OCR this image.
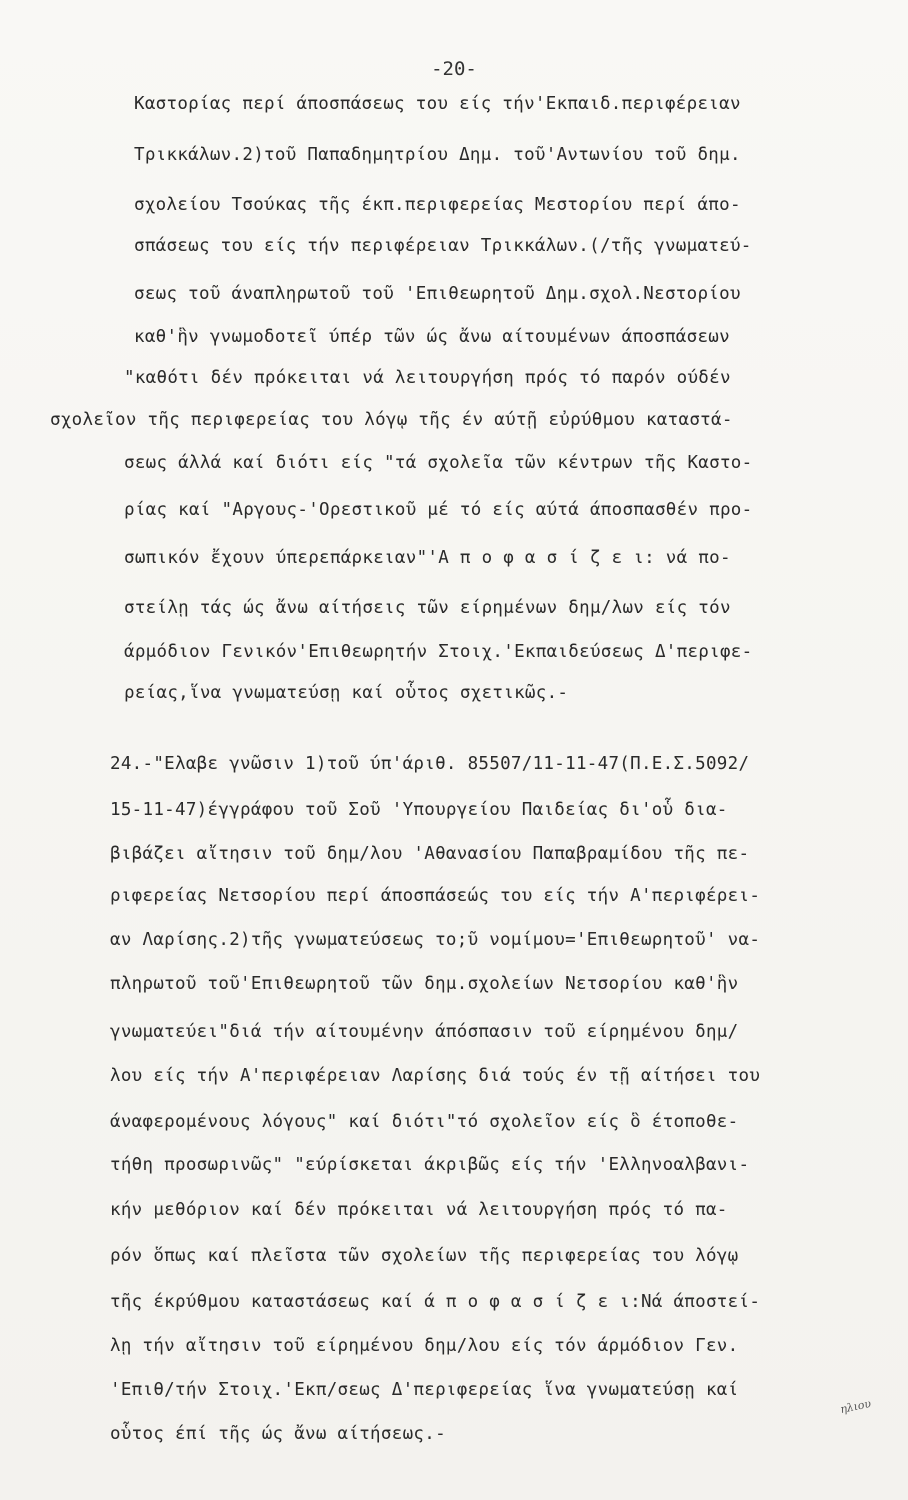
-20-
Καστορίας περί άποσπάσεως του είς τήν'Εκπαιδ.περιφέρειαν
Τρικκάλων.2)τοῦ Παπαδημητρίου Δημ. τοῦ'Αντωνίου τοῦ δημ.
σχολείου Τσούκας τῆς έκπ.περιφερείας Μεστορίου περί άπο-
σπάσεως του είς τήν περιφέρειαν Τρικκάλων.(/τῆς γνωματεύ-
σεως τοῦ άναπληρωτοῦ τοῦ 'Επιθεωρητοῦ Δημ.σχολ.Νεστορίου
καθ'ἣν γνωμοδοτεῖ ύπέρ τῶν ώς ἄνω αίτουμένων άποσπάσεων
"καθότι δέν πρόκειται νά λειτουργήση πρός τό παρόν ούδέν
σχολεῖον τῆς περιφερείας του λόγῳ τῆς έν αύτῇ εὐρύθμου καταστά-
σεως άλλά καί διότι είς "τά σχολεῖα τῶν κέντρων τῆς Καστο-
ρίας καί "Αργους-'Ορεστικοῦ μέ τό είς αύτά άποσπασθέν προ-
σωπικόν ἔχουν ύπερεπάρκειαν"'Α π ο φ α σ ί ζ ε ι: νά πο-
στείλῃ τάς ώς ἄνω αίτήσεις τῶν είρημένων δημ/λων είς τόν
άρμόδιον Γενικόν'Επιθεωρητήν Στοιχ.'Εκπαιδεύσεως Δ'περιφε-
ρείας,ἵνα γνωματεύσῃ καί οὗτος σχετικῶς.-
24.-"Ελαβε γνῶσιν 1)τοῦ ύπ'άριθ. 85507/11-11-47(Π.Ε.Σ.5092/
15-11-47)έγγράφου τοῦ Σοῦ 'Υπουργείου Παιδείας δι'οὗ δια-
βιβάζει αἴτησιν τοῦ δημ/λου 'Αθανασίου Παπαβραμίδου τῆς πε-
ριφερείας Νετσορίου περί άποσπάσεώς του είς τήν Α'περιφέρει-
αν Λαρίσης.2)τῆς γνωματεύσεως το;ῦ νομίμου='Επιθεωρητοῦ' να-
πληρωτοῦ τοῦ'Επιθεωρητοῦ τῶν δημ.σχολείων Νετσορίου καθ'ἣν
γνωματεύει"διά τήν αίτουμένην άπόσπασιν τοῦ είρημένου δημ/
λου είς τήν Α'περιφέρειαν Λαρίσης διά τούς έν τῇ αίτήσει του
άναφερομένους λόγους" καί διότι"τό σχολεῖον είς ὃ έτοποθε-
τήθη προσωρινῶς" "εύρίσκεται άκριβῶς είς τήν 'Ελληνοαλβανι-
κήν μεθόριον καί δέν πρόκειται νά λειτουργήση πρός τό πα-
ρόν ὅπως καί πλεῖστα τῶν σχολείων τῆς περιφερείας του λόγῳ
τῆς έκρύθμου καταστάσεως καί ά π ο φ α σ ί ζ ε ι:Νά άποστεί-
λῃ τήν αἴτησιν τοῦ είρημένου δημ/λου είς τόν άρμόδιον Γεν.
'Επιθ/τήν Στοιχ.'Εκπ/σεως Δ'περιφερείας ἵνα γνωματεύσῃ καί
οὗτος έπί τῆς ώς ἄνω αίτήσεως.-
ηλιου
